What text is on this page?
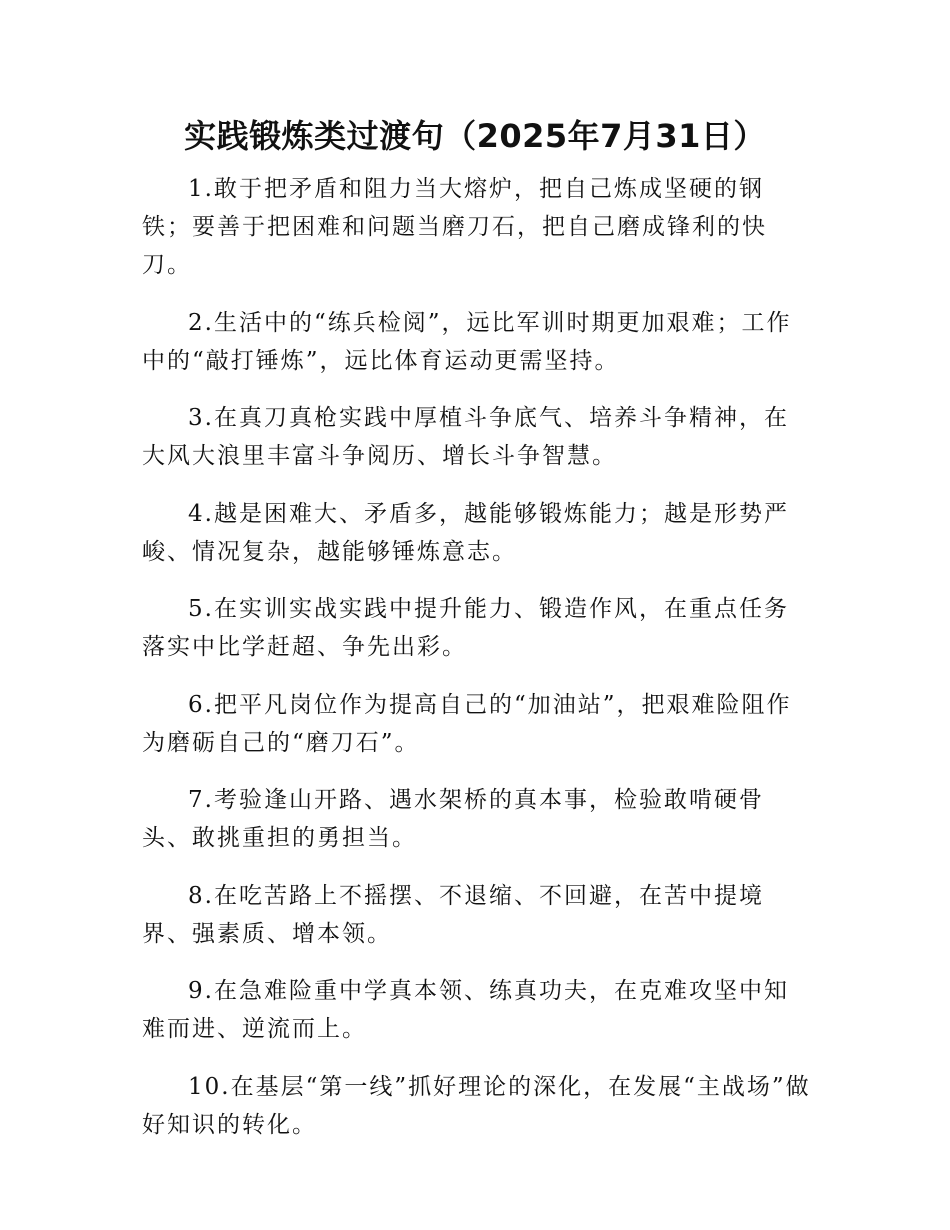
实践锻炼类过渡句（2025年7月31日）

1.敢于把矛盾和阻力当大熔炉，把自己炼成坚硬的钢铁；要善于把困难和问题当磨刀石，把自己磨成锋利的快刀。

2.生活中的“练兵检阅”，远比军训时期更加艰难；工作中的“敲打锤炼”，远比体育运动更需坚持。

3.在真刀真枪实践中厚植斗争底气、培养斗争精神，在大风大浪里丰富斗争阅历、增长斗争智慧。

4.越是困难大、矛盾多，越能够锻炼能力；越是形势严峻、情况复杂，越能够锤炼意志。

5.在实训实战实践中提升能力、锻造作风，在重点任务落实中比学赶超、争先出彩。

6.把平凡岗位作为提高自己的“加油站”，把艰难险阻作为磨砺自己的“磨刀石”。

7.考验逢山开路、遇水架桥的真本事，检验敢啃硬骨头、敢挑重担的勇担当。

8.在吃苦路上不摇摆、不退缩、不回避，在苦中提境界、强素质、增本领。

9.在急难险重中学真本领、练真功夫，在克难攻坚中知难而进、逆流而上。

10.在基层“第一线”抓好理论的深化，在发展“主战场”做好知识的转化。
